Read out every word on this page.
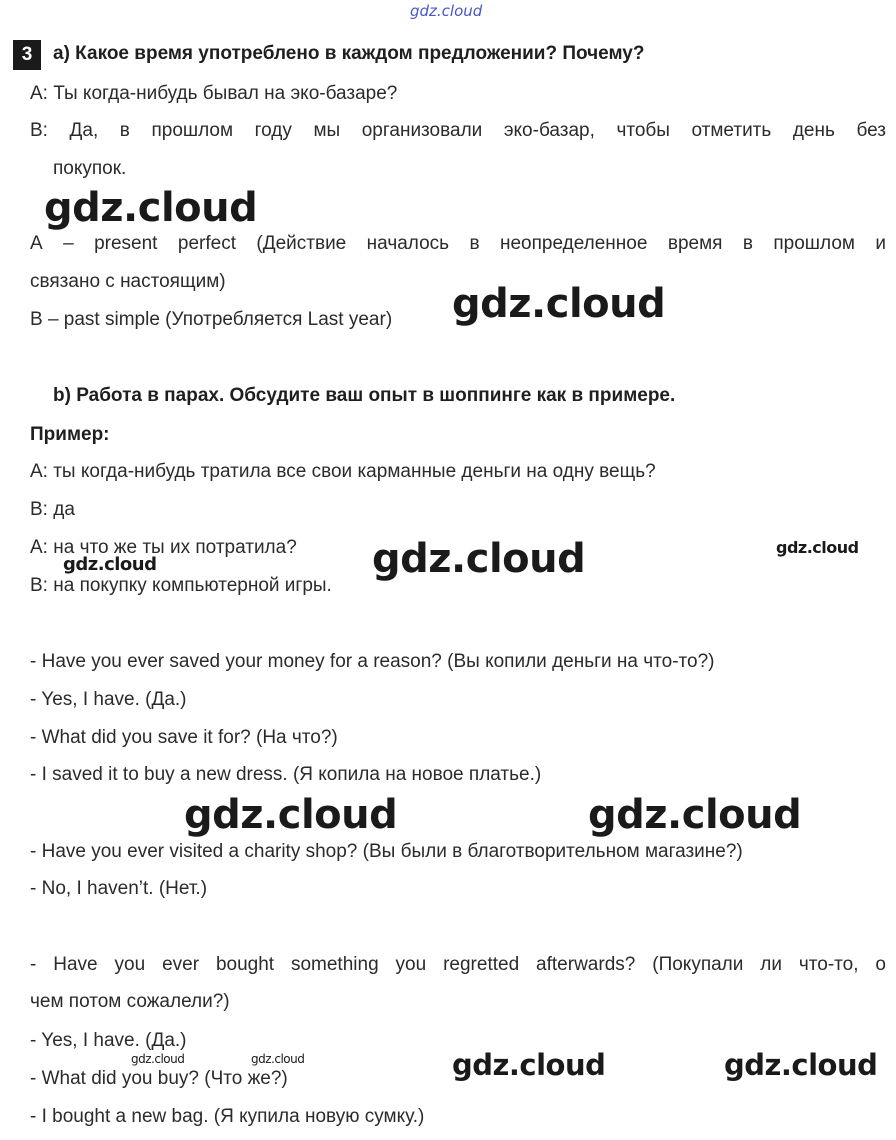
gdz.cloud
3	а) Какое время употреблено в каждом предложении? Почему?
А: Ты когда-нибудь бывал на эко-базаре?
В: Да, в прошлом году мы организовали эко-базар, чтобы отметить день без
покупок.
gdz.cloud
А – present perfect (Действие началось в неопределенное время в прошлом и
связано с настоящим)
В – past simple (Употребляется Last year) gdz.cloud
b) Работа в парах. Обсудите ваш опыт в шоппинге как в примере.
Пример:
А: ты когда-нибудь тратила все свои карманные деньги на одну вещь?
В: да
А: на что же ты их потратила?
В: на покупку компьютерной игры.
gdz.cloud
gdz.cloud
gdz.cloud
- Have you ever saved your money for a reason? (Вы копили деньги на что-то?)
- Yes, I have. (Да.)
- What did you save it for? (На что?)
- I saved it to buy a new dress. (Я копила на новое платье.)
gdz.cloud	gdz.cloud
- Have you ever visited a charity shop? (Вы были в благотворительном магазине?)
- No, I haven’t. (Нет.)
- Have you ever bought something you regretted afterwards? (Покупали ли что-то, о
чем потом сожалели?)
- Yes, I have. (Да.)
- What did you buy? (Что же?)
- I bought a new bag. (Я купила новую сумку.)
gdz.cloud	gdz.cloud	gdz.cloud	gdz.cloud
